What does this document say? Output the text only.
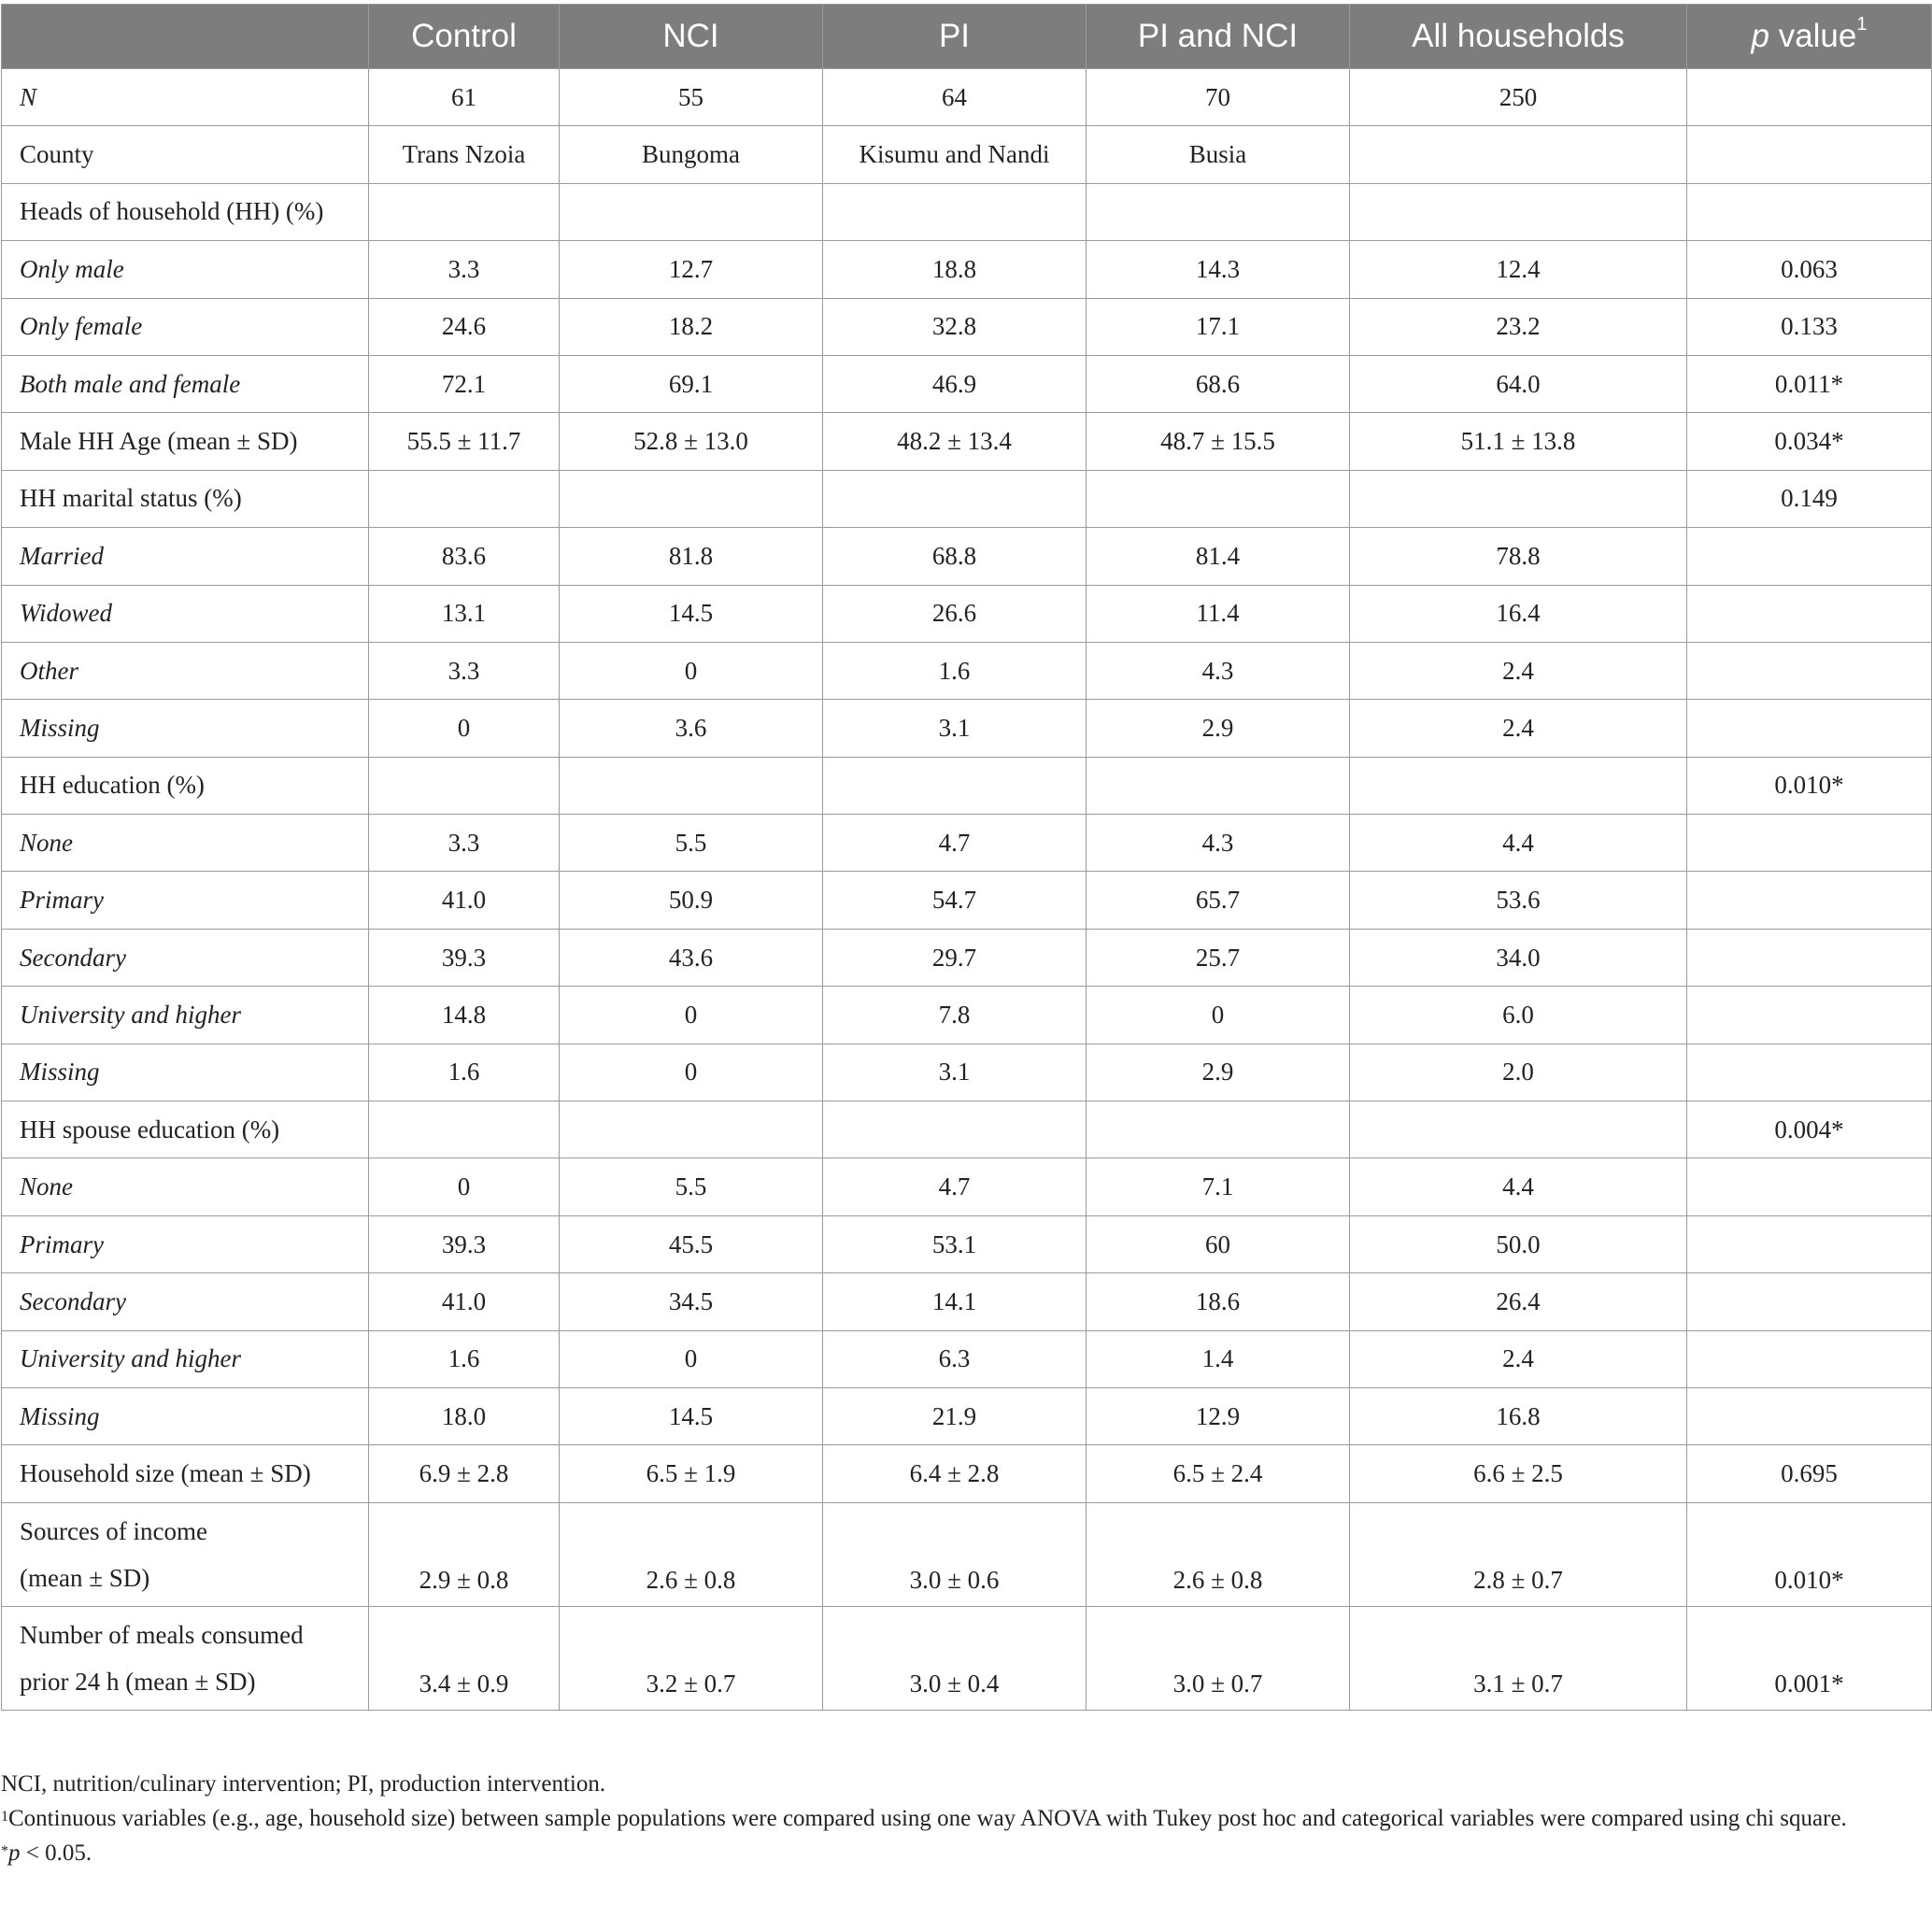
	Control	NCI	PI	PI and NCI	All households	p value$^1$
N	61	55	64	70	250	
County	Trans Nzoia	Bungoma	Kisumu and Nandi	Busia		
Heads of household (HH) (%)						
Only male	3.3	12.7	18.8	14.3	12.4	0.063
Only female	24.6	18.2	32.8	17.1	23.2	0.133
Both male and female	72.1	69.1	46.9	68.6	64.0	0.011*
Male HH Age (mean ± SD)	55.5 ± 11.7	52.8 ± 13.0	48.2 ± 13.4	48.7 ± 15.5	51.1 ± 13.8	0.034*
HH marital status (%)						0.149
Married	83.6	81.8	68.8	81.4	78.8	
Widowed	13.1	14.5	26.6	11.4	16.4	
Other	3.3	0	1.6	4.3	2.4	
Missing	0	3.6	3.1	2.9	2.4	
HH education (%)						0.010*
None	3.3	5.5	4.7	4.3	4.4	
Primary	41.0	50.9	54.7	65.7	53.6	
Secondary	39.3	43.6	29.7	25.7	34.0	
University and higher	14.8	0	7.8	0	6.0	
Missing	1.6	0	3.1	2.9	2.0	
HH spouse education (%)						0.004*
None	0	5.5	4.7	7.1	4.4	
Primary	39.3	45.5	53.1	60	50.0	
Secondary	41.0	34.5	14.1	18.6	26.4	
University and higher	1.6	0	6.3	1.4	2.4	
Missing	18.0	14.5	21.9	12.9	16.8	
Household size (mean ± SD)	6.9 ± 2.8	6.5 ± 1.9	6.4 ± 2.8	6.5 ± 2.4	6.6 ± 2.5	0.695

Sources of income
(mean ± SD)	2.9 ± 0.8	2.6 ± 0.8	3.0 ± 0.6	2.6 ± 0.8	2.8 ± 0.7	0.010*

Number of meals consumed
prior 24 h (mean ± SD)	3.4 ± 0.9	3.2 ± 0.7	3.0 ± 0.4	3.0 ± 0.7	3.1 ± 0.7	0.001*

NCI, nutrition/culinary intervention; PI, production intervention.

$^1$Continuous variables (e.g., age, household size) between sample populations were compared using one way ANOVA with Tukey post hoc and categorical variables were compared using chi square.

*p < 0.05.
